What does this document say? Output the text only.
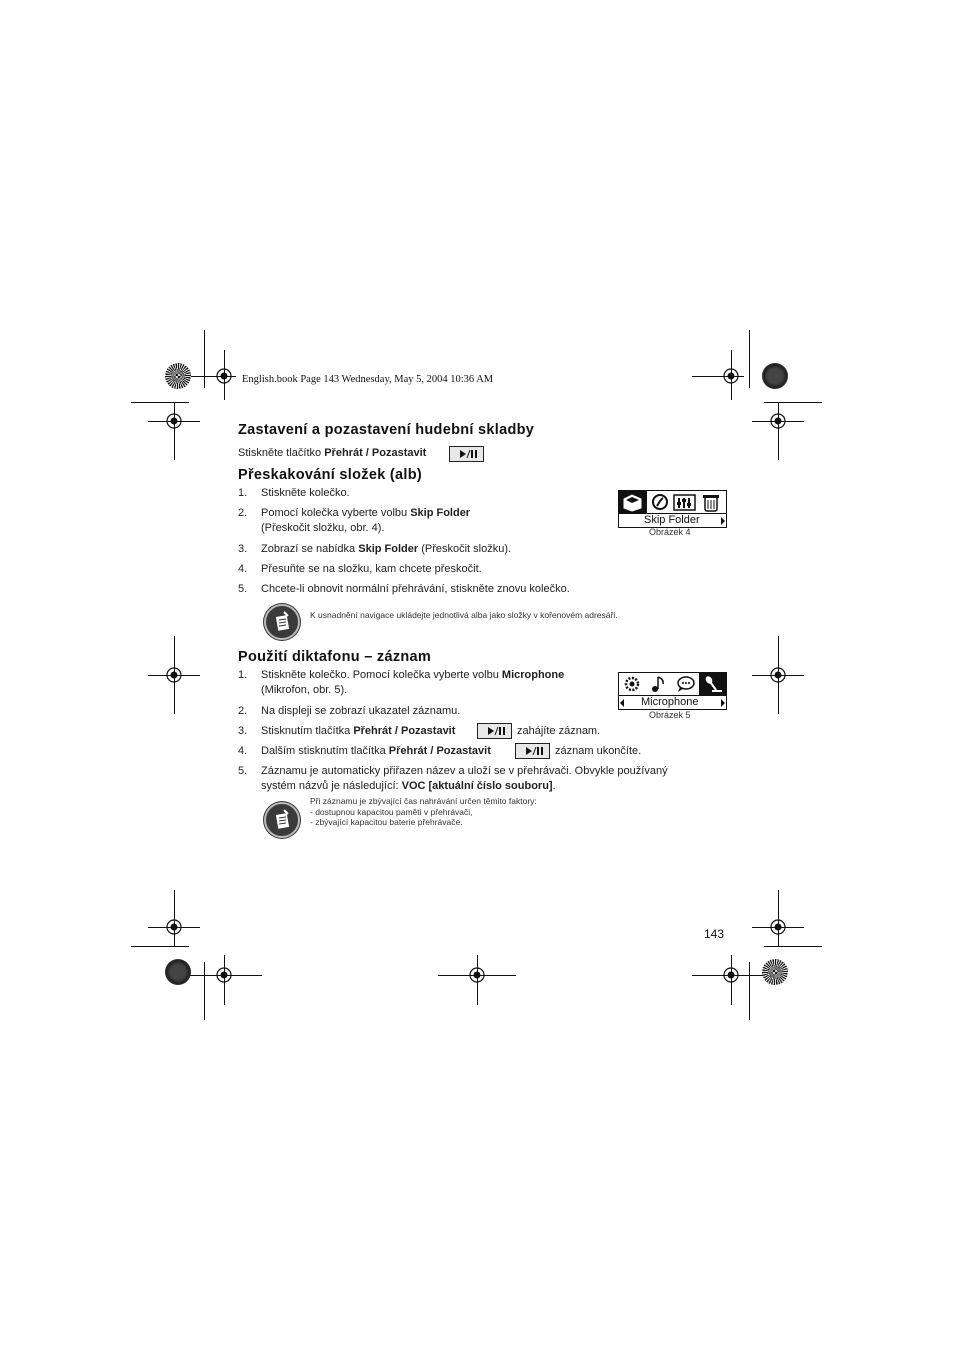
English.book Page 143 Wednesday, May 5, 2004 10:36 AM
Zastavení a pozastavení hudební skladby
Stiskněte tlačítko Přehrát / Pozastavit
Přeskakování složek (alb)
1. Stiskněte kolečko.
2. Pomocí kolečka vyberte volbu Skip Folder
(Přeskočit složku, obr. 4).
3. Zobrazí se nabídka Skip Folder (Přeskočit složku).
4. Přesuňte se na složku, kam chcete přeskočit.
5. Chcete-li obnovit normální přehrávání, stiskněte znovu kolečko.
Skip Folder
Obrázek 4
K usnadnění navigace ukládejte jednotlivá alba jako složky v kořenovém adresáři.
Použití diktafonu – záznam
1. Stiskněte kolečko. Pomocí kolečka vyberte volbu Microphone
(Mikrofon, obr. 5).
2. Na displeji se zobrazí ukazatel záznamu.
3. Stisknutím tlačítka Přehrát / Pozastavit	zahájíte záznam.
4. Dalším stisknutím tlačítka Přehrát / Pozastavit	záznam ukončíte.
5. Záznamu je automaticky přiřazen název a uloží se v přehrávači. Obvykle používaný
systém názvů je následující: VOC [aktuální číslo souboru].
Microphone
Obrázek 5
Při záznamu je zbývající čas nahrávání určen těmito faktory:
- dostupnou kapacitou paměti v přehrávači,
- zbývající kapacitou baterie přehrávače.
143
